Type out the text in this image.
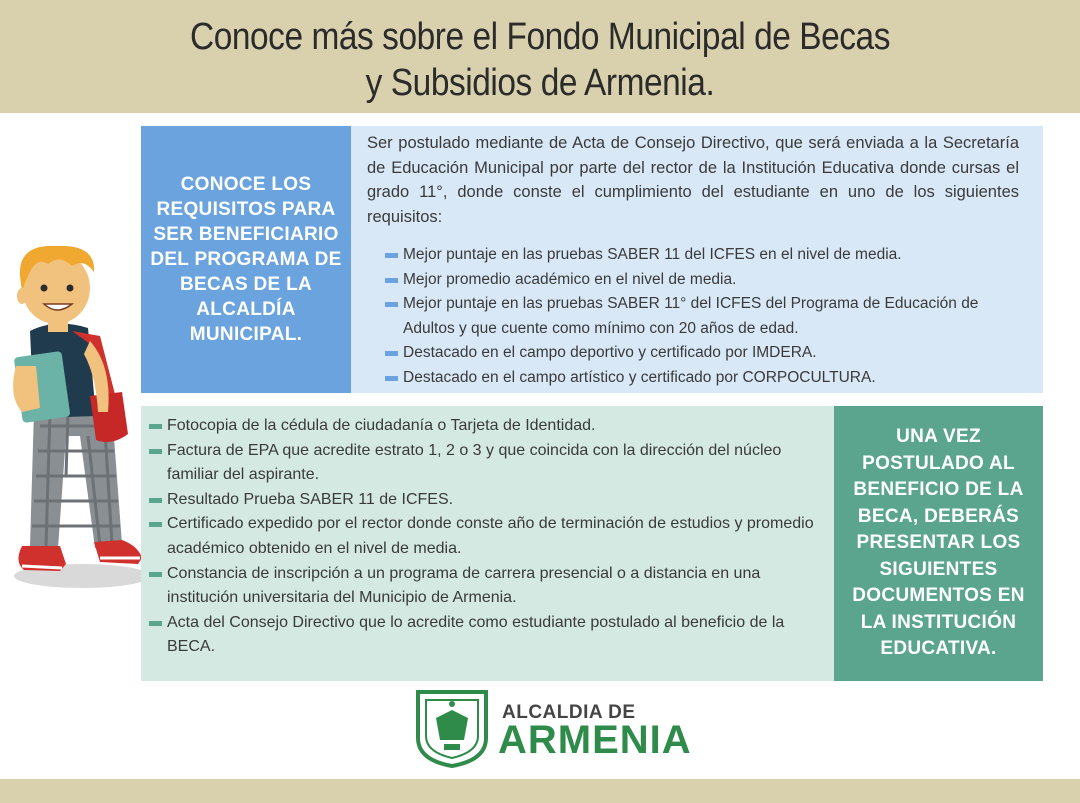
Conoce más sobre el Fondo Municipal de Becas
y Subsidios de Armenia.
CONOCE LOS REQUISITOS PARA SER BENEFICIARIO DEL PROGRAMA DE BECAS DE LA ALCALDÍA MUNICIPAL.

Ser postulado mediante de Acta de Consejo Directivo, que será enviada a la Secretaría de Educación Municipal por parte del rector de la Institución Educativa donde cursas el grado 11°, donde conste el cumplimiento del estudiante en uno de los siguientes requisitos:

Mejor puntaje en las pruebas SABER 11 del ICFES en el nivel de media.
Mejor promedio académico en el nivel de media.
Mejor puntaje en las pruebas SABER 11° del ICFES del Programa de Educación de Adultos y que cuente como mínimo con 20 años de edad.
Destacado en el campo deportivo y certificado por IMDERA.
Destacado en el campo artístico y certificado por CORPOCULTURA.
Fotocopia de la cédula de ciudadanía o Tarjeta de Identidad.
Factura de EPA que acredite estrato 1, 2 o 3 y que coincida con la dirección del núcleo familiar del aspirante.
Resultado Prueba SABER 11 de ICFES.
Certificado expedido por el rector donde conste año de terminación de estudios y promedio académico obtenido en el nivel de media.
Constancia de inscripción a un programa de carrera presencial o a distancia en una institución universitaria del Municipio de Armenia.
Acta del Consejo Directivo que lo acredite como estudiante postulado al beneficio de la BECA.
UNA VEZ POSTULADO AL BENEFICIO DE LA BECA, DEBERÁS PRESENTAR LOS SIGUIENTES DOCUMENTOS EN LA INSTITUCIÓN EDUCATIVA.
ALCALDIA DE
ARMENIA
